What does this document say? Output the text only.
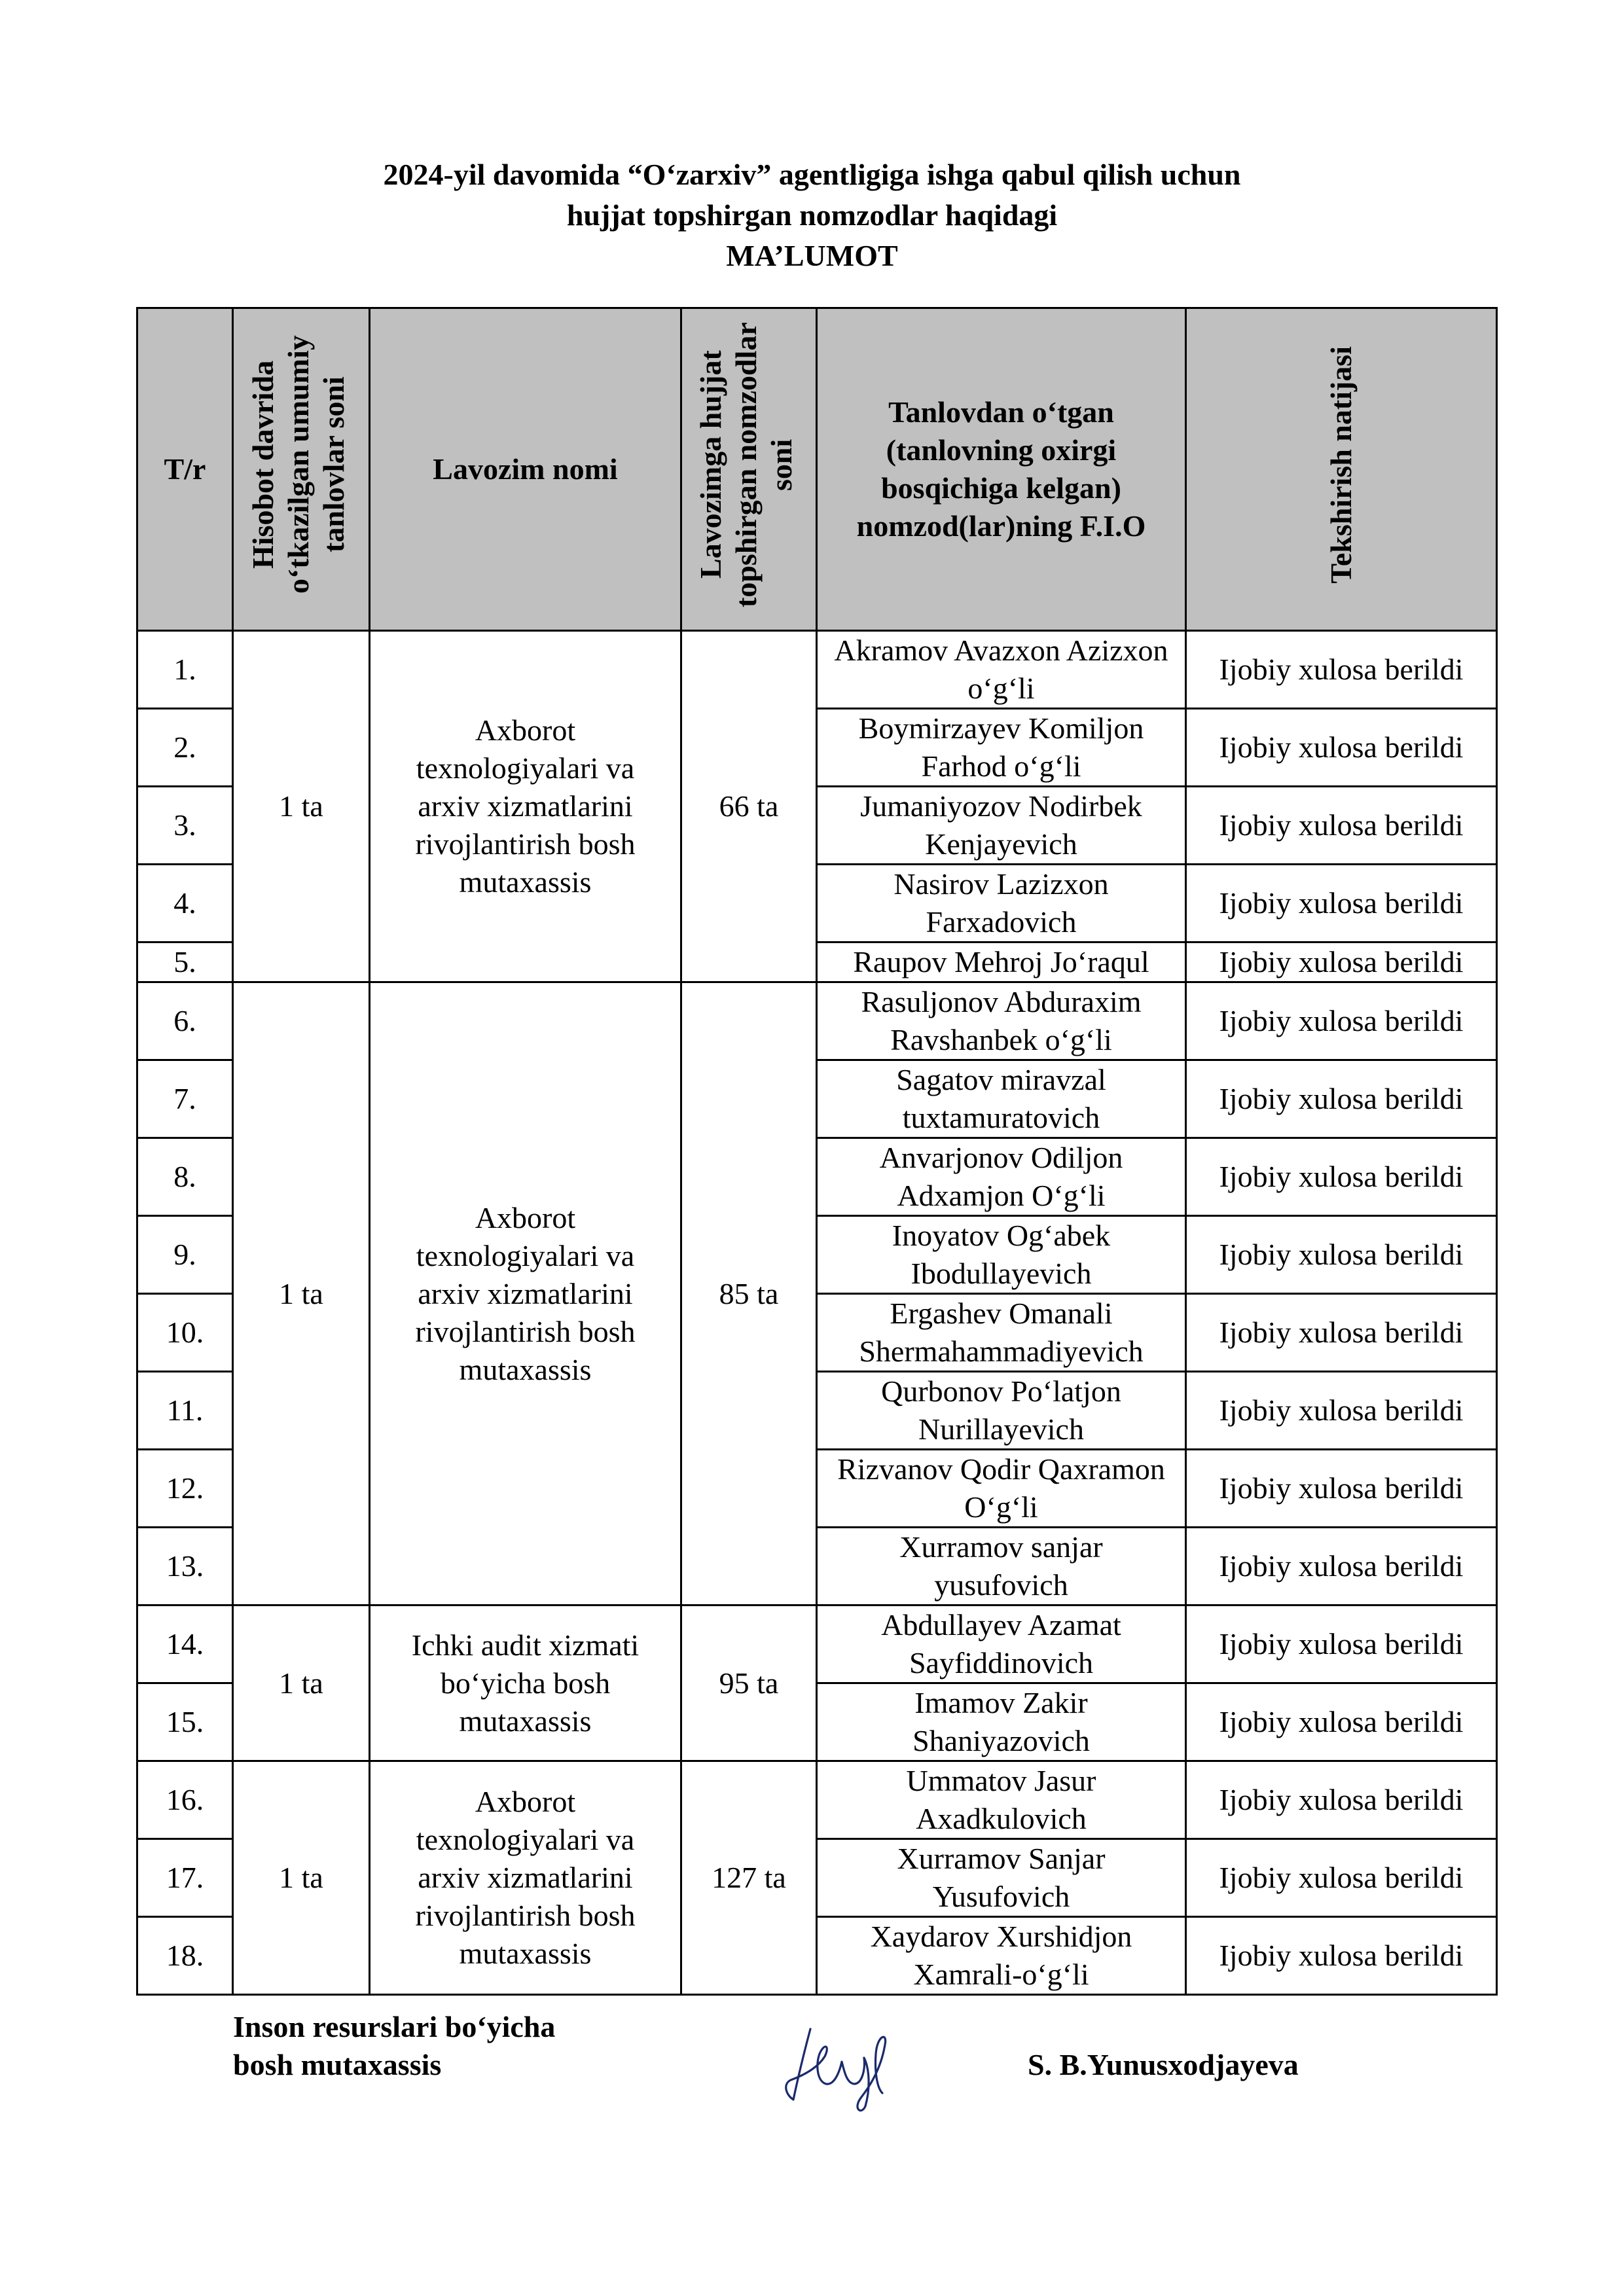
2024-yil davomida “O‘zarxiv” agentligiga ishga qabul qilish uchun
hujjat topshirgan nomzodlar haqidagi
MA’LUMOT
T/r	Hisobot davrida o‘tkazilgan umumiy tanlovlar soni	Lavozim nomi	Lavozimga hujjat topshirgan nomzodlar soni	Tanlovdan o‘tgan (tanlovning oxirgi bosqichiga kelgan) nomzod(lar)ning F.I.O	Tekshirish natijasi
1.	1 ta	Axborot texnologiyalari va arxiv xizmatlarini rivojlantirish bosh mutaxassis	66 ta	Akramov Avazxon Azizxon o‘g‘li	Ijobiy xulosa berildi
2.				Boymirzayev Komiljon Farhod o‘g‘li	Ijobiy xulosa berildi
3.				Jumaniyozov Nodirbek Kenjayevich	Ijobiy xulosa berildi
4.				Nasirov Lazizxon Farxadovich	Ijobiy xulosa berildi
5.				Raupov Mehroj Jo‘raqul	Ijobiy xulosa berildi
6.	1 ta	Axborot texnologiyalari va arxiv xizmatlarini rivojlantirish bosh mutaxassis	85 ta	Rasuljonov Abduraxim Ravshanbek o‘g‘li	Ijobiy xulosa berildi
7.				Sagatov miravzal tuxtamuratovich	Ijobiy xulosa berildi
8.				Anvarjonov Odiljon Adxamjon O‘g‘li	Ijobiy xulosa berildi
9.				Inoyatov Og‘abek Ibodullayevich	Ijobiy xulosa berildi
10.				Ergashev Omanali Shermahammadiyevich	Ijobiy xulosa berildi
11.				Qurbonov Po‘latjon Nurillayevich	Ijobiy xulosa berildi
12.				Rizvanov Qodir Qaxramon O‘g‘li	Ijobiy xulosa berildi
13.				Xurramov sanjar yusufovich	Ijobiy xulosa berildi
14.	1 ta	Ichki audit xizmati bo‘yicha bosh mutaxassis	95 ta	Abdullayev Azamat Sayfiddinovich	Ijobiy xulosa berildi
15.				Imamov Zakir Shaniyazovich	Ijobiy xulosa berildi
16.	1 ta	Axborot texnologiyalari va arxiv xizmatlarini rivojlantirish bosh mutaxassis	127 ta	Ummatov Jasur Axadkulovich	Ijobiy xulosa berildi
17.				Xurramov Sanjar Yusufovich	Ijobiy xulosa berildi
18.				Xaydarov Xurshidjon Xamrali-o‘g‘li	Ijobiy xulosa berildi
Inson resurslari bo‘yicha
bosh mutaxassis	S. B.Yunusxodjayeva
